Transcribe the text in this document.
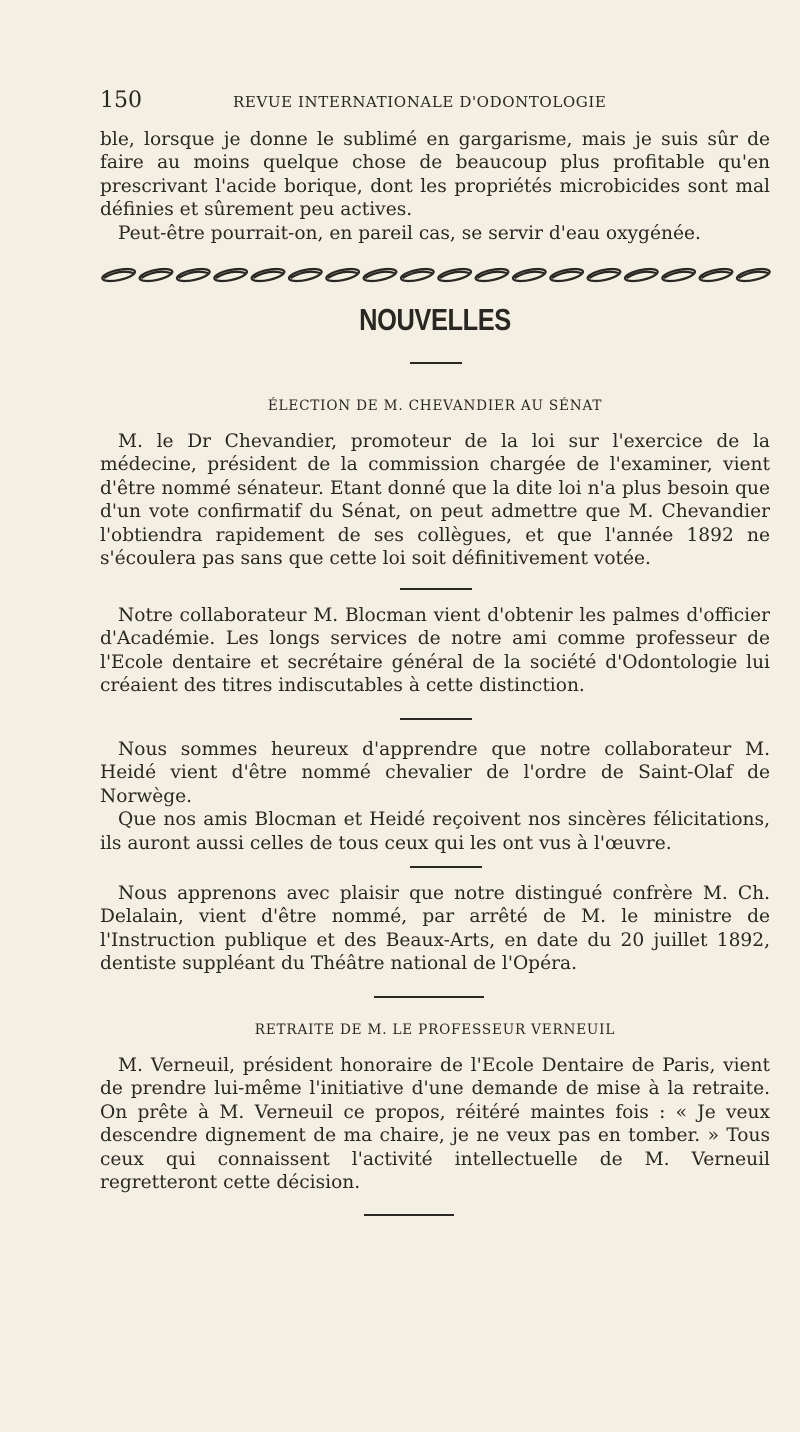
150	REVUE INTERNATIONALE D'ODONTOLOGIE

ble, lorsque je donne le sublimé en gargarisme, mais je suis sûr de faire au moins quelque chose de beaucoup plus profitable qu'en prescrivant l'acide borique, dont les propriétés microbicides sont mal définies et sûrement peu actives.

Peut-être pourrait-on, en pareil cas, se servir d'eau oxygénée.

NOUVELLES
ÉLECTION DE M. CHEVANDIER AU SÉNAT

M. le Dr Chevandier, promoteur de la loi sur l'exercice de la médecine, président de la commission chargée de l'examiner, vient d'être nommé sénateur. Etant donné que la dite loi n'a plus besoin que d'un vote confirmatif du Sénat, on peut admettre que M. Chevandier l'obtiendra rapidement de ses collègues, et que l'année 1892 ne s'écoulera pas sans que cette loi soit définitivement votée.

Notre collaborateur M. Blocman vient d'obtenir les palmes d'officier d'Académie. Les longs services de notre ami comme professeur de l'Ecole dentaire et secrétaire général de la société d'Odontologie lui créaient des titres indiscutables à cette distinction.

Nous sommes heureux d'apprendre que notre collaborateur M. Heidé vient d'être nommé chevalier de l'ordre de Saint-Olaf de Norwège.

Que nos amis Blocman et Heidé reçoivent nos sincères félicitations, ils auront aussi celles de tous ceux qui les ont vus à l'œuvre.

Nous apprenons avec plaisir que notre distingué confrère M. Ch. Delalain, vient d'être nommé, par arrêté de M. le ministre de l'Instruction publique et des Beaux-Arts, en date du 20 juillet 1892, dentiste suppléant du Théâtre national de l'Opéra.

RETRAITE DE M. LE PROFESSEUR VERNEUIL

M. Verneuil, président honoraire de l'Ecole Dentaire de Paris, vient de prendre lui-même l'initiative d'une demande de mise à la retraite. On prête à M. Verneuil ce propos, réitéré maintes fois : « Je veux descendre dignement de ma chaire, je ne veux pas en tomber. » Tous ceux qui connaissent l'activité intellectuelle de M. Verneuil regretteront cette décision.
